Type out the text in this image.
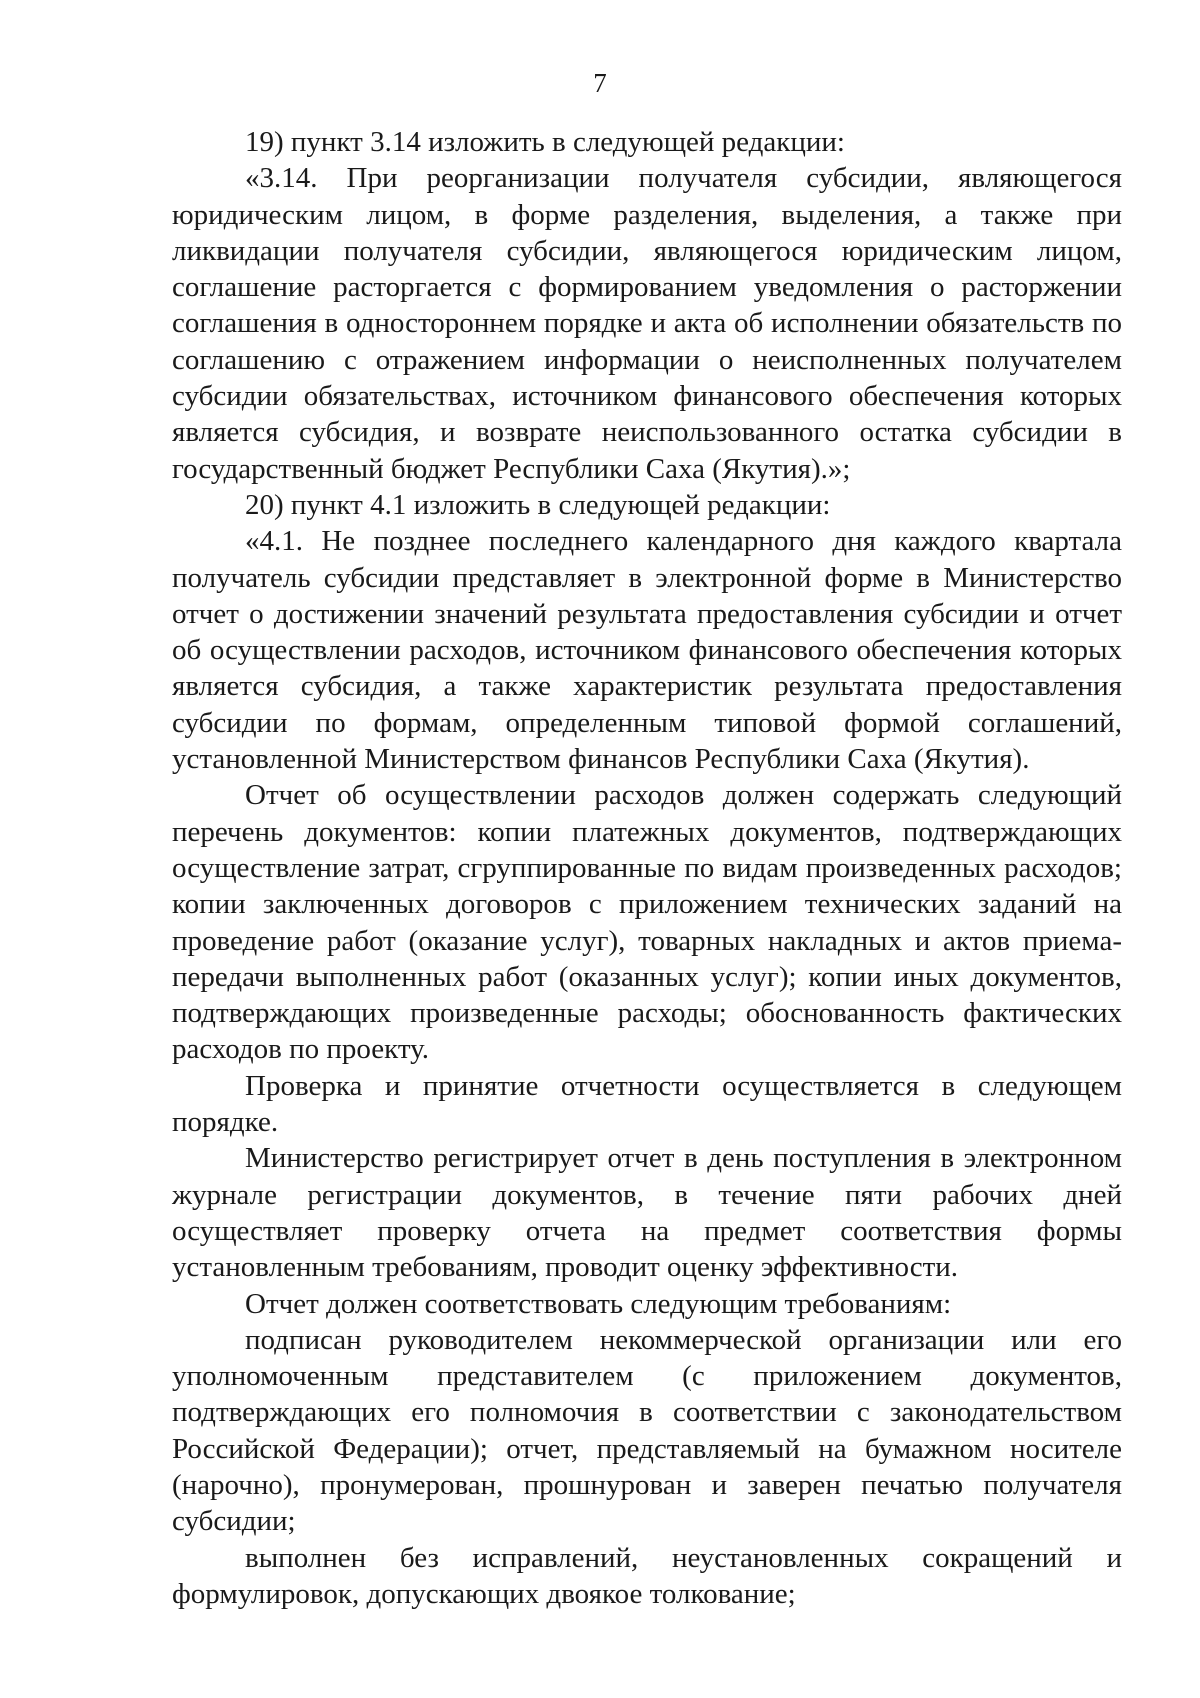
7

19) пункт 3.14 изложить в следующей редакции:

«3.14. При реорганизации получателя субсидии, являющегося юридическим лицом, в форме разделения, выделения, а также при ликвидации получателя субсидии, являющегося юридическим лицом, соглашение расторгается с формированием уведомления о расторжении соглашения в одностороннем порядке и акта об исполнении обязательств по соглашению с отражением информации о неисполненных получателем субсидии обязательствах, источником финансового обеспечения которых является субсидия, и возврате неиспользованного остатка субсидии в государственный бюджет Республики Саха (Якутия).»;

20) пункт 4.1 изложить в следующей редакции:

«4.1. Не позднее последнего календарного дня каждого квартала получатель субсидии представляет в электронной форме в Министерство отчет о достижении значений результата предоставления субсидии и отчет об осуществлении расходов, источником финансового обеспечения которых является субсидия, а также характеристик результата предоставления субсидии по формам, определенным типовой формой соглашений, установленной Министерством финансов Республики Саха (Якутия).

Отчет об осуществлении расходов должен содержать следующий перечень документов: копии платежных документов, подтверждающих осуществление затрат, сгруппированные по видам произведенных расходов; копии заключенных договоров с приложением технических заданий на проведение работ (оказание услуг), товарных накладных и актов приема-передачи выполненных работ (оказанных услуг); копии иных документов, подтверждающих произведенные расходы; обоснованность фактических расходов по проекту.

Проверка и принятие отчетности осуществляется в следующем порядке.

Министерство регистрирует отчет в день поступления в электронном журнале регистрации документов, в течение пяти рабочих дней осуществляет проверку отчета на предмет соответствия формы установленным требованиям, проводит оценку эффективности.

Отчет должен соответствовать следующим требованиям:

подписан руководителем некоммерческой организации или его уполномоченным представителем (с приложением документов, подтверждающих его полномочия в соответствии с законодательством Российской Федерации); отчет, представляемый на бумажном носителе (нарочно), пронумерован, прошнурован и заверен печатью получателя субсидии;

выполнен без исправлений, неустановленных сокращений и формулировок, допускающих двоякое толкование;
